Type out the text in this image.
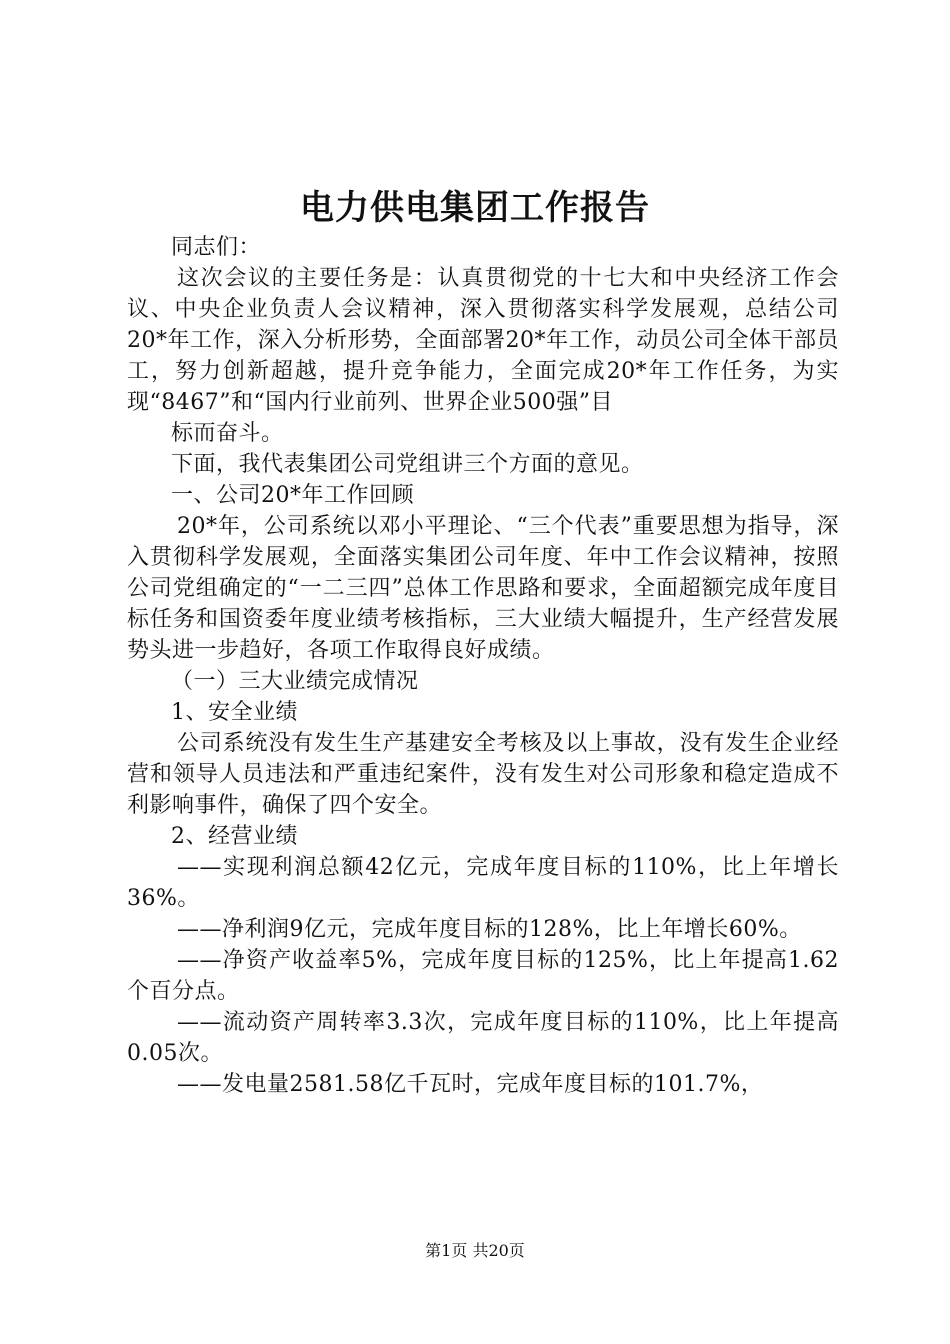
电力供电集团工作报告

同志们：

这次会议的主要任务是：认真贯彻党的十七大和中央经济工作会议、中央企业负责人会议精神，深入贯彻落实科学发展观，总结公司20*年工作，深入分析形势，全面部署20*年工作，动员公司全体干部员工，努力创新超越，提升竞争能力，全面完成20*年工作任务，为实现“8467”和“国内行业前列、世界企业500强”目

标而奋斗。

下面，我代表集团公司党组讲三个方面的意见。

一、公司20*年工作回顾

20*年，公司系统以邓小平理论、“三个代表”重要思想为指导，深入贯彻科学发展观，全面落实集团公司年度、年中工作会议精神，按照公司党组确定的“一二三四”总体工作思路和要求，全面超额完成年度目标任务和国资委年度业绩考核指标，三大业绩大幅提升，生产经营发展势头进一步趋好，各项工作取得良好成绩。

（一）三大业绩完成情况

1、安全业绩

公司系统没有发生生产基建安全考核及以上事故，没有发生企业经营和领导人员违法和严重违纪案件，没有发生对公司形象和稳定造成不利影响事件，确保了四个安全。

2、经营业绩

——实现利润总额42亿元，完成年度目标的110%，比上年增长36%。

——净利润9亿元，完成年度目标的128%，比上年增长60%。

——净资产收益率5%，完成年度目标的125%，比上年提高1.62个百分点。

——流动资产周转率3.3次，完成年度目标的110%，比上年提高0.05次。

——发电量2581.58亿千瓦时，完成年度目标的101.7%，

第1页 共20页
